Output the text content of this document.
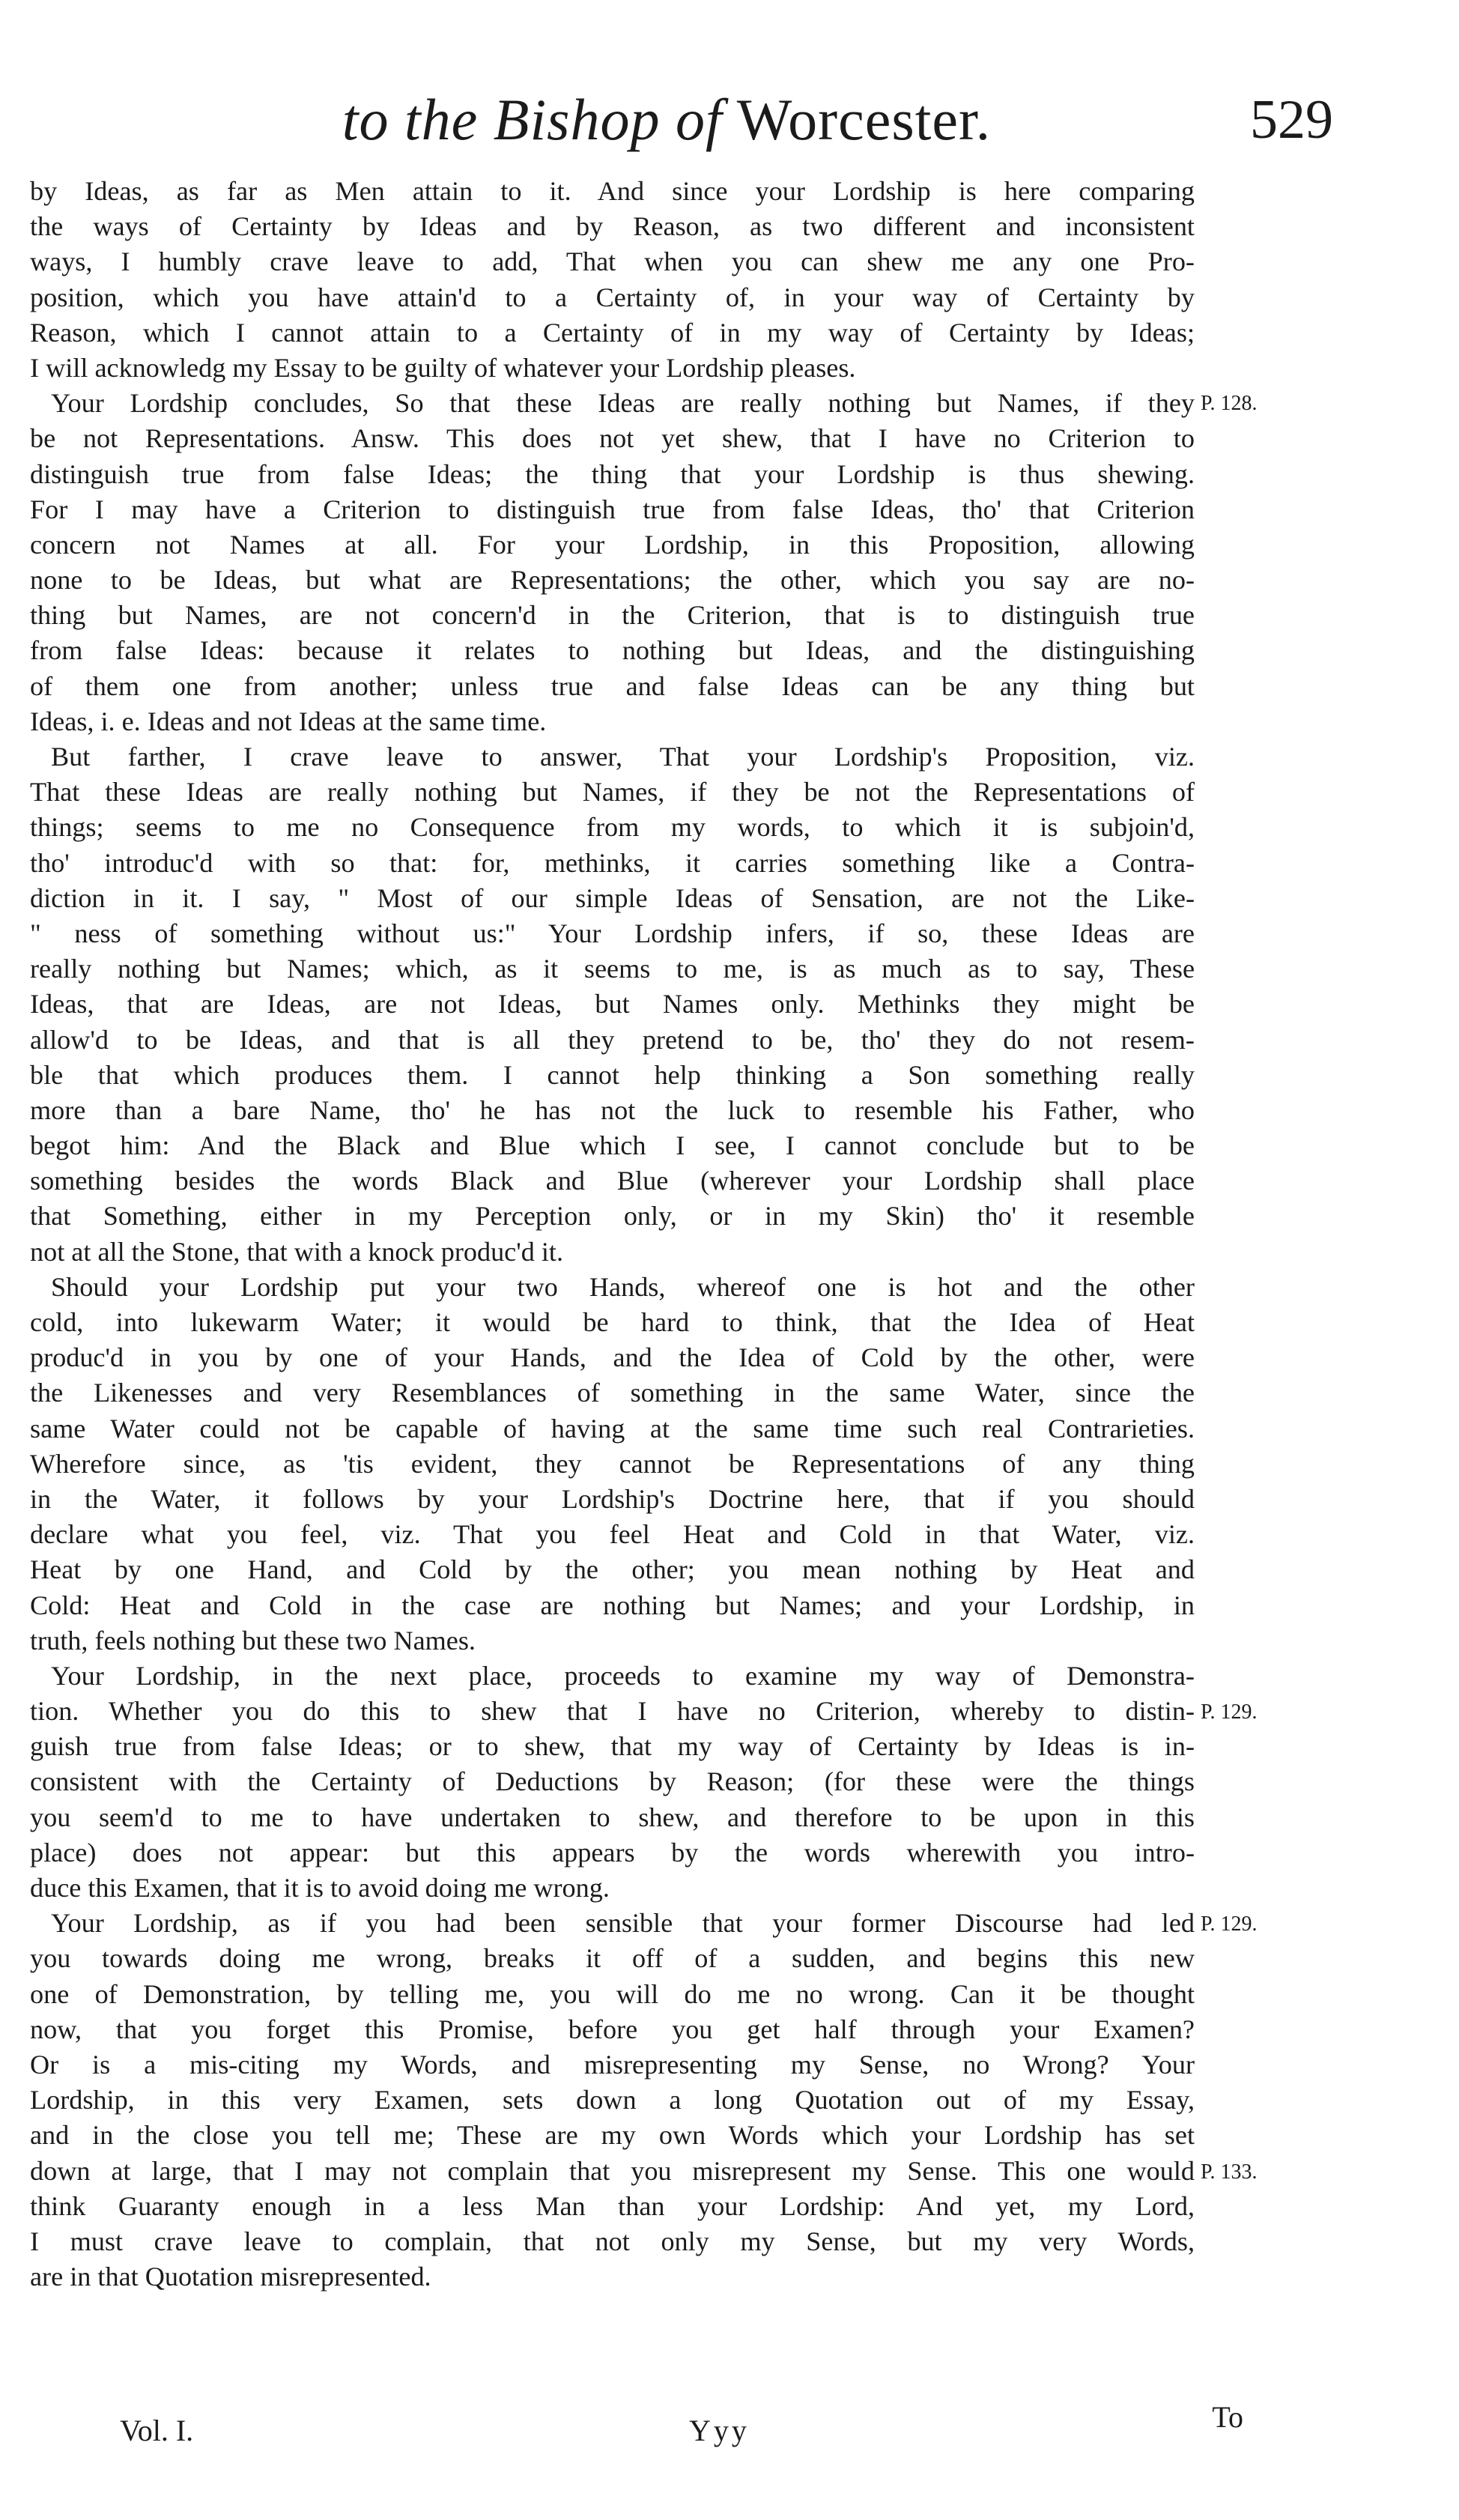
to the Bishop of Worcester.	529
by Ideas, as far as Men attain to it. And since your Lordship is here comparing
the ways of Certainty by Ideas and by Reason, as two different and inconsistent
ways, I humbly crave leave to add, That when you can shew me any one Pro-
position, which you have attain'd to a Certainty of, in your way of Certainty by
Reason, which I cannot attain to a Certainty of in my way of Certainty by Ideas;
I will acknowledg my Essay to be guilty of whatever your Lordship pleases.
Your Lordship concludes, So that these Ideas are really nothing but Names, if they
be not Representations. Answ. This does not yet shew, that I have no Criterion to
distinguish true from false Ideas; the thing that your Lordship is thus shewing.
For I may have a Criterion to distinguish true from false Ideas, tho' that Criterion
concern not Names at all. For your Lordship, in this Proposition, allowing
none to be Ideas, but what are Representations; the other, which you say are no-
thing but Names, are not concern'd in the Criterion, that is to distinguish true
from false Ideas: because it relates to nothing but Ideas, and the distinguishing
of them one from another; unless true and false Ideas can be any thing but
Ideas, i. e. Ideas and not Ideas at the same time.
But farther, I crave leave to answer, That your Lordship's Proposition, viz.
That these Ideas are really nothing but Names, if they be not the Representations of
things; seems to me no Consequence from my words, to which it is subjoin'd,
tho' introduc'd with so that: for, methinks, it carries something like a Contra-
diction in it. I say, " Most of our simple Ideas of Sensation, are not the Like-
" ness of something without us:" Your Lordship infers, if so, these Ideas are
really nothing but Names; which, as it seems to me, is as much as to say, These
Ideas, that are Ideas, are not Ideas, but Names only. Methinks they might be
allow'd to be Ideas, and that is all they pretend to be, tho' they do not resem-
ble that which produces them. I cannot help thinking a Son something really
more than a bare Name, tho' he has not the luck to resemble his Father, who
begot him: And the Black and Blue which I see, I cannot conclude but to be
something besides the words Black and Blue (wherever your Lordship shall place
that Something, either in my Perception only, or in my Skin) tho' it resemble
not at all the Stone, that with a knock produc'd it.
Should your Lordship put your two Hands, whereof one is hot and the other
cold, into lukewarm Water; it would be hard to think, that the Idea of Heat
produc'd in you by one of your Hands, and the Idea of Cold by the other, were
the Likenesses and very Resemblances of something in the same Water, since the
same Water could not be capable of having at the same time such real Contrarieties.
Wherefore since, as 'tis evident, they cannot be Representations of any thing
in the Water, it follows by your Lordship's Doctrine here, that if you should
declare what you feel, viz. That you feel Heat and Cold in that Water, viz.
Heat by one Hand, and Cold by the other; you mean nothing by Heat and
Cold: Heat and Cold in the case are nothing but Names; and your Lordship, in
truth, feels nothing but these two Names.
Your Lordship, in the next place, proceeds to examine my way of Demonstra-
tion. Whether you do this to shew that I have no Criterion, whereby to distin-
guish true from false Ideas; or to shew, that my way of Certainty by Ideas is in-
consistent with the Certainty of Deductions by Reason; (for these were the things
you seem'd to me to have undertaken to shew, and therefore to be upon in this
place) does not appear: but this appears by the words wherewith you intro-
duce this Examen, that it is to avoid doing me wrong.
Your Lordship, as if you had been sensible that your former Discourse had led
you towards doing me wrong, breaks it off of a sudden, and begins this new
one of Demonstration, by telling me, you will do me no wrong. Can it be thought
now, that you forget this Promise, before you get half through your Examen?
Or is a mis-citing my Words, and misrepresenting my Sense, no Wrong? Your
Lordship, in this very Examen, sets down a long Quotation out of my Essay,
and in the close you tell me; These are my own Words which your Lordship has set
down at large, that I may not complain that you misrepresent my Sense. This one would
think Guaranty enough in a less Man than your Lordship: And yet, my Lord,
I must crave leave to complain, that not only my Sense, but my very Words,
are in that Quotation misrepresented.
P. 128.
P. 129.
P. 129.
P. 133.
Vol. I.	Yyy	To
